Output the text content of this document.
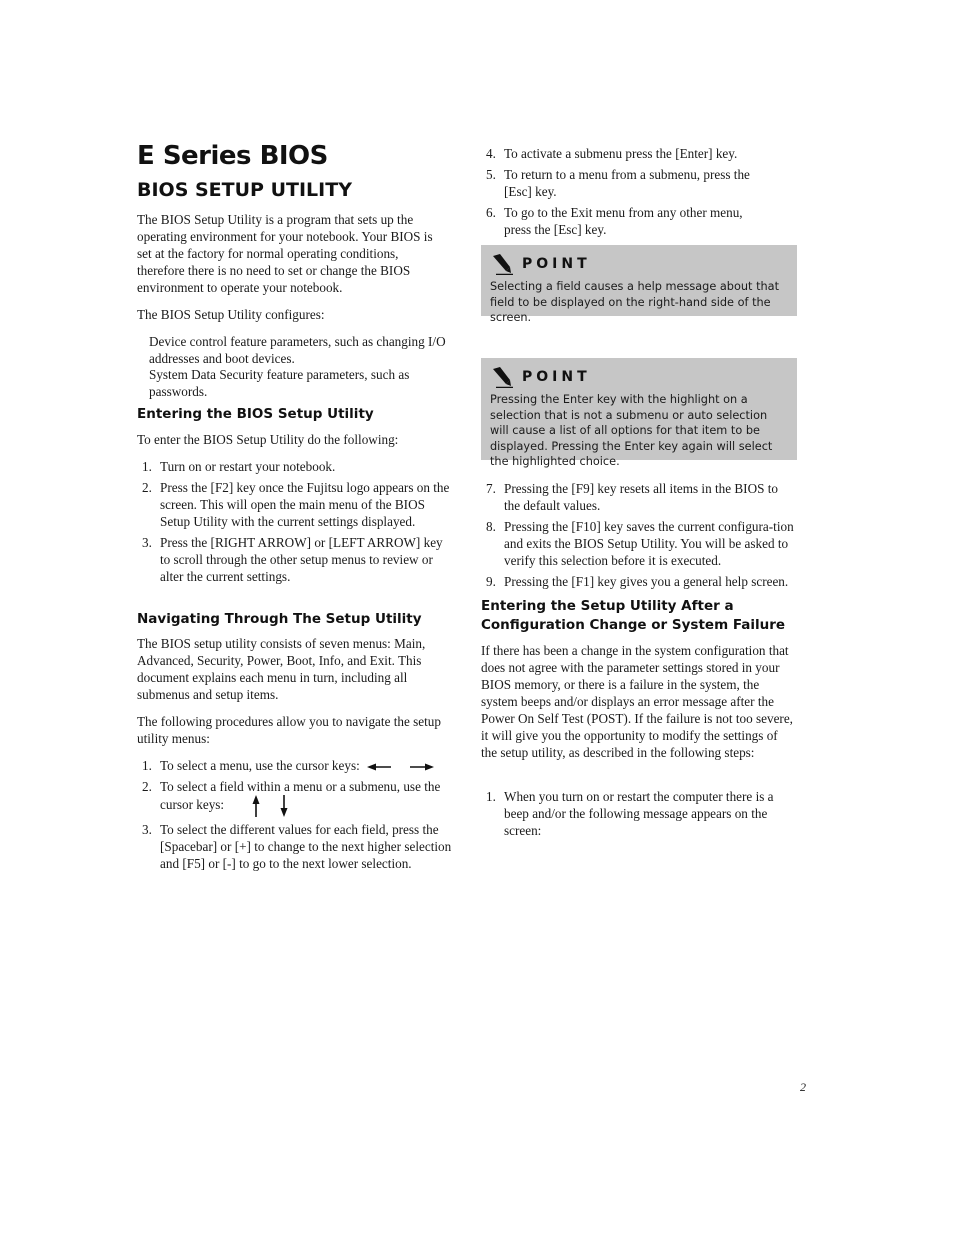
E Series BIOS
BIOS SETUP UTILITY

The BIOS Setup Utility is a program that sets up the operating environment for your notebook. Your BIOS is set at the factory for normal operating conditions, therefore there is no need to set or change the BIOS environment to operate your notebook.

The BIOS Setup Utility configures:

Device control feature parameters, such as changing I/O addresses and boot devices.

System Data Security feature parameters, such as passwords.

Entering the BIOS Setup Utility

To enter the BIOS Setup Utility do the following:

1. Turn on or restart your notebook.
2. Press the [F2] key once the Fujitsu logo appears on the screen. This will open the main menu of the BIOS Setup Utility with the current settings displayed.
3. Press the [RIGHT ARROW] or [LEFT ARROW] key to scroll through the other setup menus to review or alter the current settings.
Navigating Through The Setup Utility

The BIOS setup utility consists of seven menus: Main, Advanced, Security, Power, Boot, Info, and Exit. This document explains each menu in turn, including all submenus and setup items.

The following procedures allow you to navigate the setup utility menus:

1. To select a menu, use the cursor keys:
2. To select a field within a menu or a submenu, use the cursor keys:
3. To select the different values for each field, press the [Spacebar] or [+] to change to the next higher selection and [F5] or [-] to go to the next lower selection.
4. To activate a submenu press the [Enter] key.
5. To return to a menu from a submenu, press the [Esc] key.
6. To go to the Exit menu from any other menu, press the [Esc] key.
POINT
Selecting a field causes a help message about that field to be displayed on the right-hand side of the screen.
POINT
Pressing the Enter key with the highlight on a selection that is not a submenu or auto selection will cause a list of all options for that item to be displayed. Pressing the Enter key again will select the highlighted choice.
7. Pressing the [F9] key resets all items in the BIOS to the default values.
8. Pressing the [F10] key saves the current configura-tion and exits the BIOS Setup Utility. You will be asked to verify this selection before it is executed.
9. Pressing the [F1] key gives you a general help screen.
Entering the Setup Utility After a Configuration Change or System Failure

If there has been a change in the system configuration that does not agree with the parameter settings stored in your BIOS memory, or there is a failure in the system, the system beeps and/or displays an error message after the Power On Self Test (POST). If the failure is not too severe, it will give you the opportunity to modify the settings of the setup utility, as described in the following steps:

1. When you turn on or restart the computer there is a beep and/or the following message appears on the screen:
2
